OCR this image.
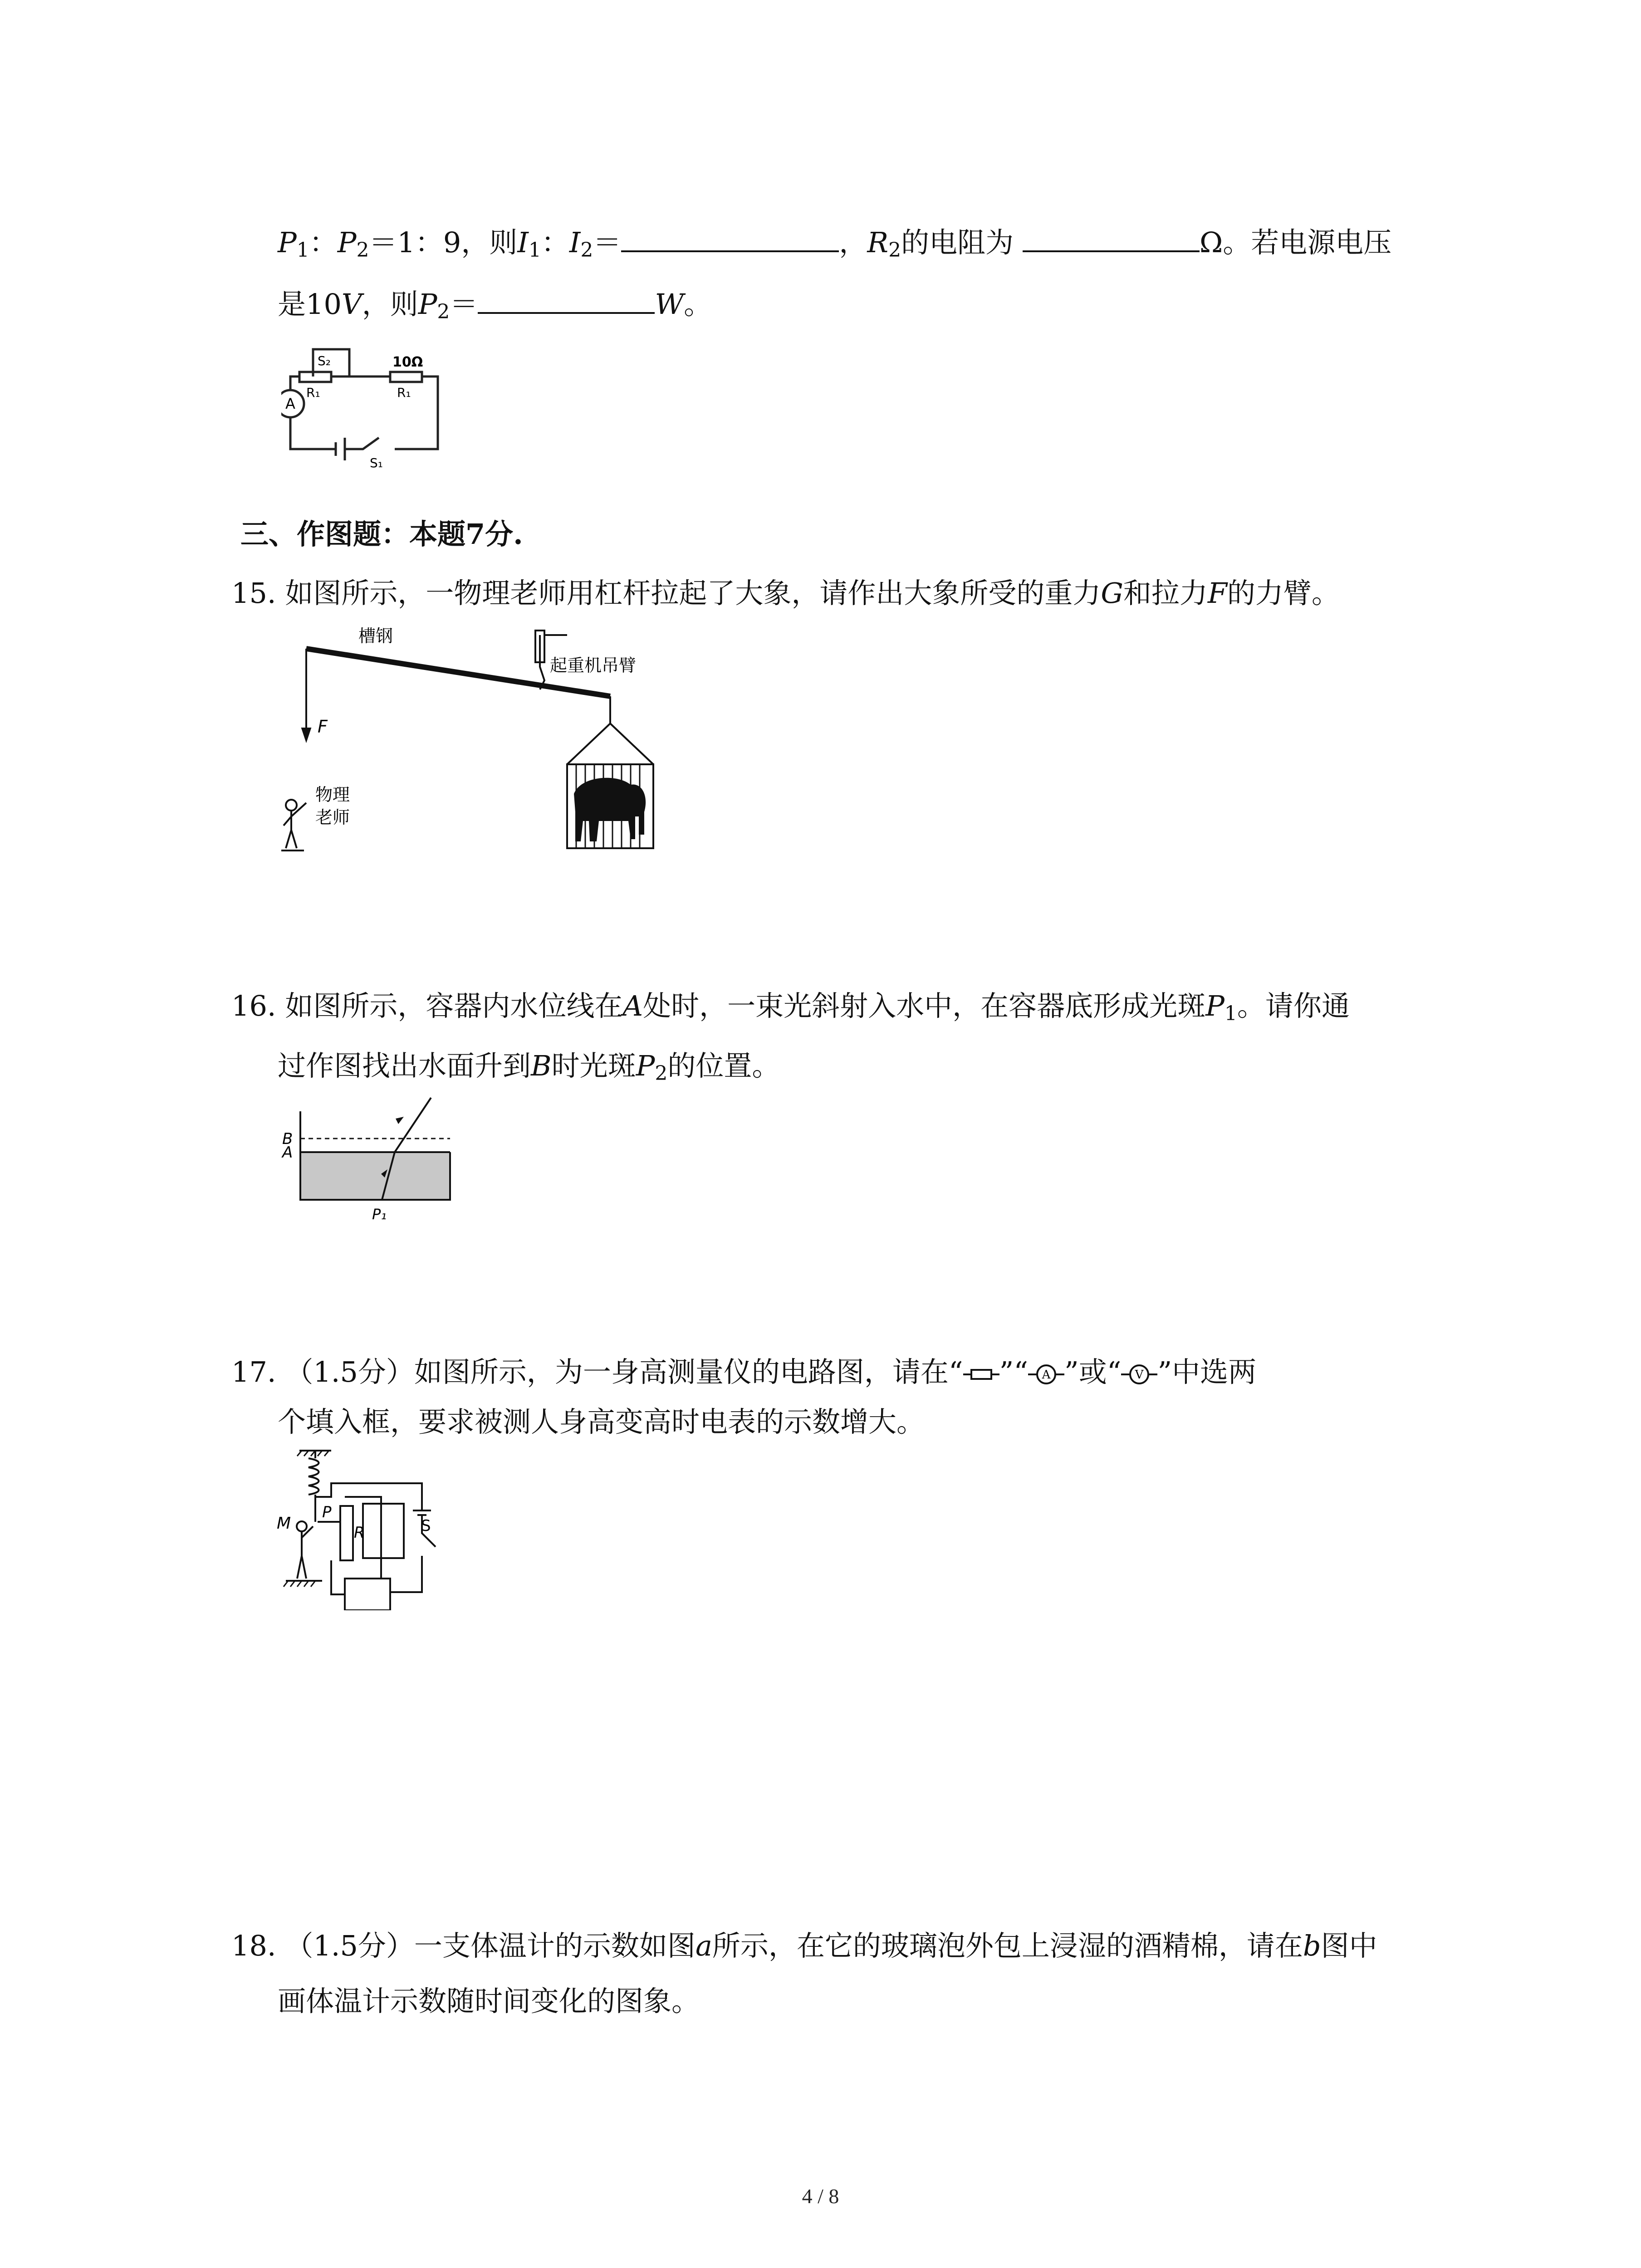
$P_1$：$P_2=1$：9，则$I_1$：$I_2=$	，$R_2$的电阻为	Ω。若电源电压
是10V，则$P_2=$	W。
S₂	10Ω
R₁	R₁
A
S₁
三、作图题：本题7分.
15. 如图所示，一物理老师用杠杆拉起了大象，请作出大象所受的重力G和拉力F的力臂。
槽钢
起重机吊臂
F
物理
老师
16. 如图所示，容器内水位线在A处时，一束光斜射入水中，在容器底形成光斑$P_1$。请你通
过作图找出水面升到B时光斑$P_2$的位置。
B
A
P₁
17. （1.5分）如图所示，为一身高测量仪的电路图，请在“ ”“ A ”或“ V ”中选两
个填入框，要求被测人身高变高时电表的示数增大。
M
P
R	S
18. （1.5分）一支体温计的示数如图a所示，在它的玻璃泡外包上浸湿的酒精棉，请在b图中
画体温计示数随时间变化的图象。
4 / 8
